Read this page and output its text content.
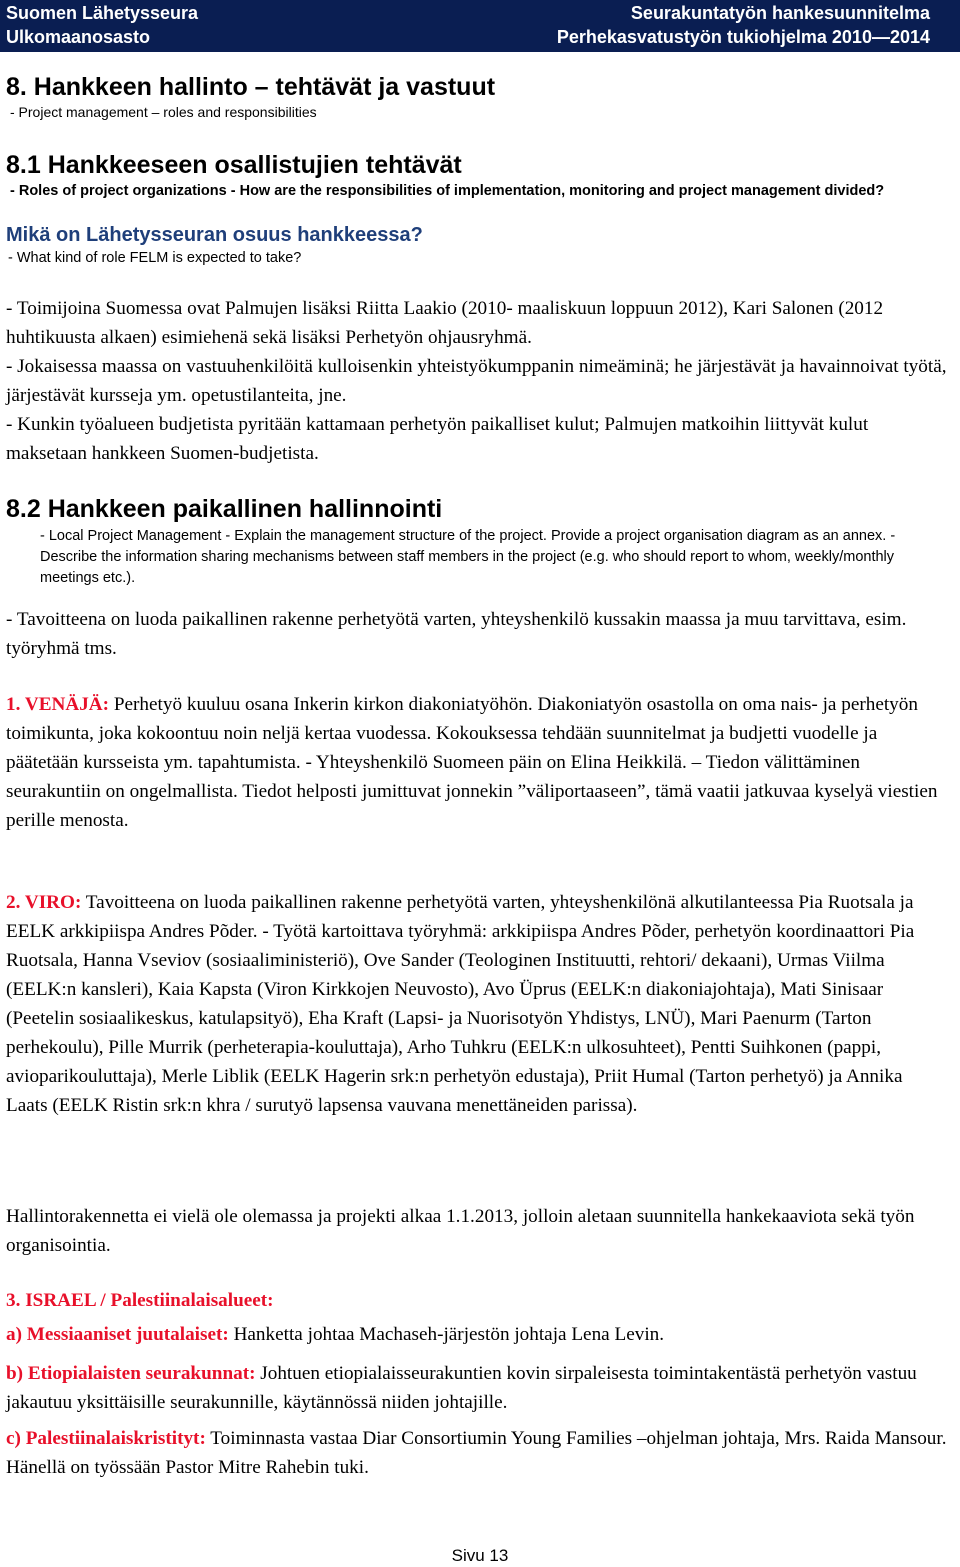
Suomen Lähetysseura
Ulkomaanosasto
Seurakuntatyön hankesuunnitelma
Perhekasvatustyön tukiohjelma 2010—2014
8. Hankkeen hallinto – tehtävät ja vastuut
- Project management – roles and responsibilities
8.1 Hankkeeseen osallistujien tehtävät
- Roles of project organizations - How are the responsibilities of implementation, monitoring and project management divided?
Mikä on Lähetysseuran osuus hankkeessa?
- What kind of role FELM is expected to take?

- Toimijoina Suomessa ovat Palmujen lisäksi Riitta Laakio (2010- maaliskuun loppuun 2012), Kari Salonen (2012 huhtikuusta alkaen) esimiehenä sekä lisäksi Perhetyön ohjausryhmä.

- Jokaisessa maassa on vastuuhenkilöitä kulloisenkin yhteistyökumppanin nimeäminä; he järjestävät ja havainnoivat työtä, järjestävät kursseja ym. opetustilanteita, jne.

- Kunkin työalueen budjetista pyritään kattamaan perhetyön paikalliset kulut; Palmujen matkoihin liittyvät kulut maksetaan hankkeen Suomen-budjetista.

8.2 Hankkeen paikallinen hallinnointi
- Local Project Management - Explain the management structure of the project. Provide a project organisation diagram as an annex. - Describe the information sharing mechanisms between staff members in the project (e.g. who should report to whom, weekly/monthly meetings etc.).

- Tavoitteena on luoda paikallinen rakenne perhetyötä varten, yhteyshenkilö kussakin maassa ja muu tarvittava, esim. työryhmä tms.

1. VENÄJÄ: Perhetyö kuuluu osana Inkerin kirkon diakoniatyöhön. Diakoniatyön osastolla on oma nais- ja perhetyön toimikunta, joka kokoontuu noin neljä kertaa vuodessa. Kokouksessa tehdään suunnitelmat ja budjetti vuodelle ja päätetään kursseista ym. tapahtumista. - Yhteyshenkilö Suomeen päin on Elina Heikkilä. – Tiedon välittäminen seurakuntiin on ongelmallista. Tiedot helposti jumittuvat jonnekin ”väliportaaseen”, tämä vaatii jatkuvaa kyselyä viestien perille menosta.

2. VIRO: Tavoitteena on luoda paikallinen rakenne perhetyötä varten, yhteyshenkilönä alkutilanteessa Pia Ruotsala ja EELK arkkipiispa Andres Põder. - Työtä kartoittava työryhmä: arkkipiispa Andres Põder, perhetyön koordinaattori Pia Ruotsala, Hanna Vseviov (sosiaaliministeriö), Ove Sander (Teologinen Instituutti, rehtori/ dekaani), Urmas Viilma (EELK:n kansleri), Kaia Kapsta (Viron Kirkkojen Neuvosto), Avo Üprus (EELK:n diakoniajohtaja), Mati Sinisaar (Peetelin sosiaalikeskus, katulapsityö), Eha Kraft (Lapsi- ja Nuorisotyön Yhdistys, LNÜ), Mari Paenurm (Tarton perhekoulu), Pille Murrik (perheterapia-kouluttaja), Arho Tuhkru (EELK:n ulkosuhteet), Pentti Suihkonen (pappi, avioparikouluttaja), Merle Liblik (EELK Hagerin srk:n perhetyön edustaja), Priit Humal (Tarton perhetyö) ja Annika Laats (EELK Ristin srk:n khra / surutyö lapsensa vauvana menettäneiden parissa).

Hallintorakennetta ei vielä ole olemassa ja projekti alkaa 1.1.2013, jolloin aletaan suunnitella hankekaaviota sekä työn organisointia.

3. ISRAEL / Palestiinalaisalueet:

a) Messiaaniset juutalaiset: Hanketta johtaa Machaseh-järjestön johtaja Lena Levin.

b) Etiopialaisten seurakunnat: Johtuen etiopialaisseurakuntien kovin sirpaleisesta toimintakentästä perhetyön vastuu jakautuu yksittäisille seurakunnille, käytännössä niiden johtajille.

c) Palestiinalaiskristityt: Toiminnasta vastaa Diar Consortiumin Young Families –ohjelman johtaja, Mrs. Raida Mansour. Hänellä on työssään Pastor Mitre Rahebin tuki.

Sivu 13
